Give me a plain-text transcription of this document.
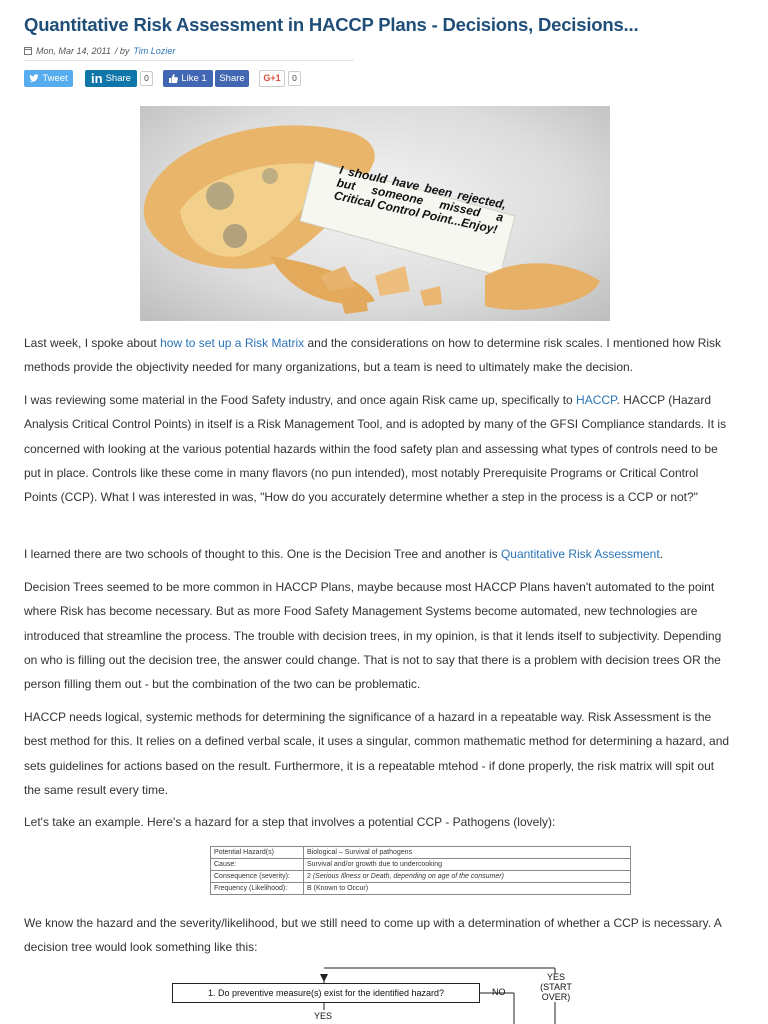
Quantitative Risk Assessment in HACCP Plans - Decisions, Decisions...
Mon, Mar 14, 2011 / by Tim Lozier
Tweet in Share	0	Like 1 Share G+1	0
I should have been rejected, but someone missed a Critical Control Point...Enjoy!

Last week, I spoke about how to set up a Risk Matrix and the considerations on how to determine risk scales. I mentioned how Risk methods provide the objectivity needed for many organizations, but a team is need to ultimately make the decision.

I was reviewing some material in the Food Safety industry, and once again Risk came up, specifically to HACCP. HACCP (Hazard Analysis Critical Control Points) in itself is a Risk Management Tool, and is adopted by many of the GFSI Compliance standards. It is concerned with looking at the various potential hazards within the food safety plan and assessing what types of controls need to be put in place. Controls like these come in many flavors (no pun intended), most notably Prerequisite Programs or Critical Control Points (CCP). What I was interested in was, "How do you accurately determine whether a step in the process is a CCP or not?"

I learned there are two schools of thought to this. One is the Decision Tree and another is Quantitative Risk Assessment.

Decision Trees seemed to be more common in HACCP Plans, maybe because most HACCP Plans haven't automated to the point where Risk has become necessary. But as more Food Safety Management Systems become automated, new technologies are introduced that streamline the process. The trouble with decision trees, in my opinion, is that it lends itself to subjectivity. Depending on who is filling out the decision tree, the answer could change. That is not to say that there is a problem with decision trees OR the person filling them out - but the combination of the two can be problematic.

HACCP needs logical, systemic methods for determining the significance of a hazard in a repeatable way. Risk Assessment is the best method for this. It relies on a defined verbal scale, it uses a singular, common mathematic method for determining a hazard, and sets guidelines for actions based on the result. Furthermore, it is a repeatable mtehod - if done properly, the risk matrix will spit out the same result every time.

Let's take an example. Here's a hazard for a step that involves a potential CCP - Pathogens (lovely):

Potential Hazard(s)	Biological – Survival of pathogens
Cause:	Survival and/or growth due to undercooking
Consequence (severity):	2 (Serious Illness or Death, depending on age of the consumer)
Frequency (Likelihood):	B (Known to Occur)

We know the hazard and the severity/likelihood, but we still need to come up with a determination of whether a CCP is necessary. A decision tree would look something like this:

1. Do preventive measure(s) exist for the identified hazard?	NO
YES
(START
OVER)
YES
